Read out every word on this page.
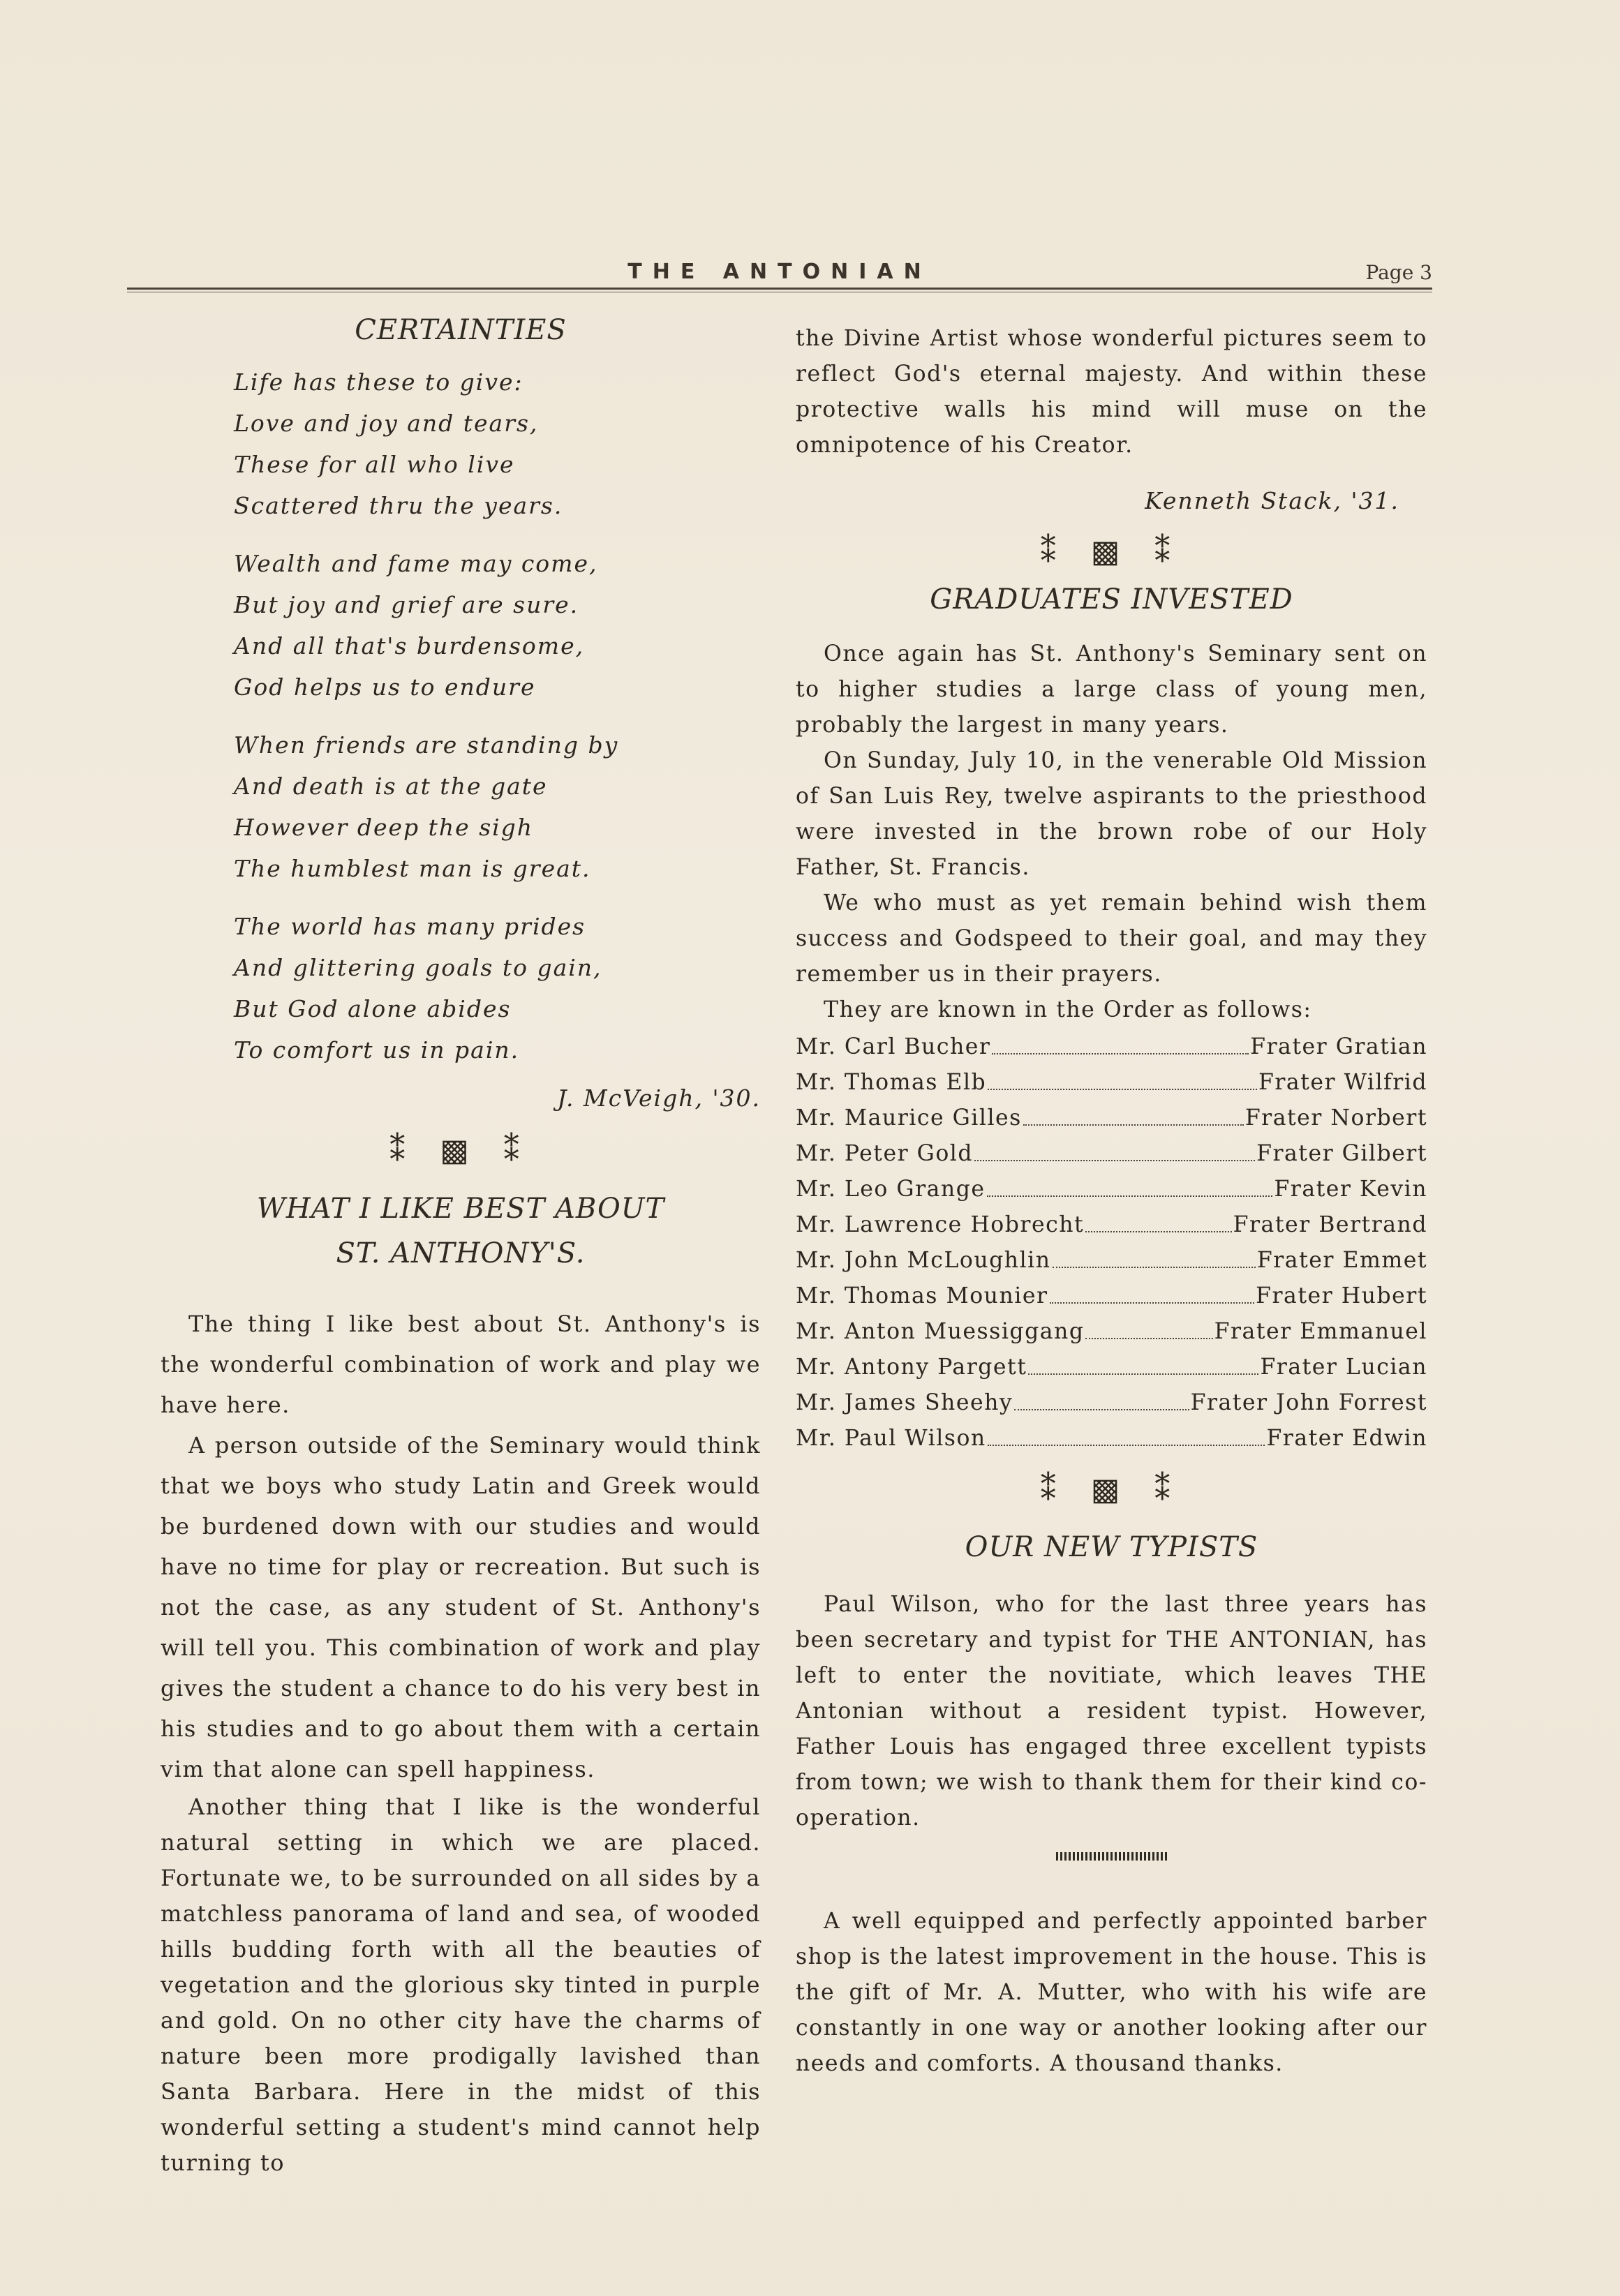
THE ANTONIAN	Page 3
CERTAINTIES
Life has these to give:
Love and joy and tears,
These for all who live
Scattered thru the years.
Wealth and fame may come,
But joy and grief are sure.
And all that's burdensome,
God helps us to endure
When friends are standing by
And death is at the gate
However deep the sigh
The humblest man is great.
The world has many prides
And glittering goals to gain,
But God alone abides
To comfort us in pain.
J. McVeigh, '30.
⁑ ▩ ⁑
WHAT I LIKE BEST ABOUT
ST. ANTHONY'S.

The thing I like best about St. Anthony's is the wonderful combination of work and play we have here.

A person outside of the Seminary would think that we boys who study Latin and Greek would be burdened down with our studies and would have no time for play or recreation. But such is not the case, as any student of St. Anthony's will tell you. This combination of work and play gives the student a chance to do his very best in his studies and to go about them with a certain vim that alone can spell happiness.

Another thing that I like is the wonderful natural setting in which we are placed. Fortunate we, to be surrounded on all sides by a matchless panorama of land and sea, of wooded hills budding forth with all the beauties of vegetation and the glorious sky tinted in purple and gold. On no other city have the charms of nature been more prodigally lavished than Santa Barbara. Here in the midst of this wonderful setting a student's mind cannot help turning to

the Divine Artist whose wonderful pictures seem to reflect God's eternal majesty. And within these protective walls his mind will muse on the omnipotence of his Creator.

Kenneth Stack, '31.
⁑ ▩ ⁑
GRADUATES INVESTED

Once again has St. Anthony's Seminary sent on to higher studies a large class of young men, probably the largest in many years.

On Sunday, July 10, in the venerable Old Mission of San Luis Rey, twelve aspirants to the priesthood were invested in the brown robe of our Holy Father, St. Francis.

We who must as yet remain behind wish them success and Godspeed to their goal, and may they remember us in their prayers.

They are known in the Order as follows:

Mr. Carl Bucher	Frater Gratian
Mr. Thomas Elb	Frater Wilfrid
Mr. Maurice Gilles	Frater Norbert
Mr. Peter Gold	Frater Gilbert
Mr. Leo Grange	Frater Kevin
Mr. Lawrence Hobrecht	Frater Bertrand
Mr. John McLoughlin	Frater Emmet
Mr. Thomas Mounier	Frater Hubert
Mr. Anton Muessiggang	Frater Emmanuel
Mr. Antony Pargett	Frater Lucian
Mr. James Sheehy	Frater John Forrest
Mr. Paul Wilson	Frater Edwin
⁑ ▩ ⁑
OUR NEW TYPISTS

Paul Wilson, who for the last three years has been secretary and typist for THE ANTONIAN, has left to enter the novitiate, which leaves THE Antonian without a resident typist. However, Father Louis has engaged three excellent typists from town; we wish to thank them for their kind co-operation.

A well equipped and perfectly appointed barber shop is the latest improvement in the house. This is the gift of Mr. A. Mutter, who with his wife are constantly in one way or another looking after our needs and comforts. A thousand thanks.
